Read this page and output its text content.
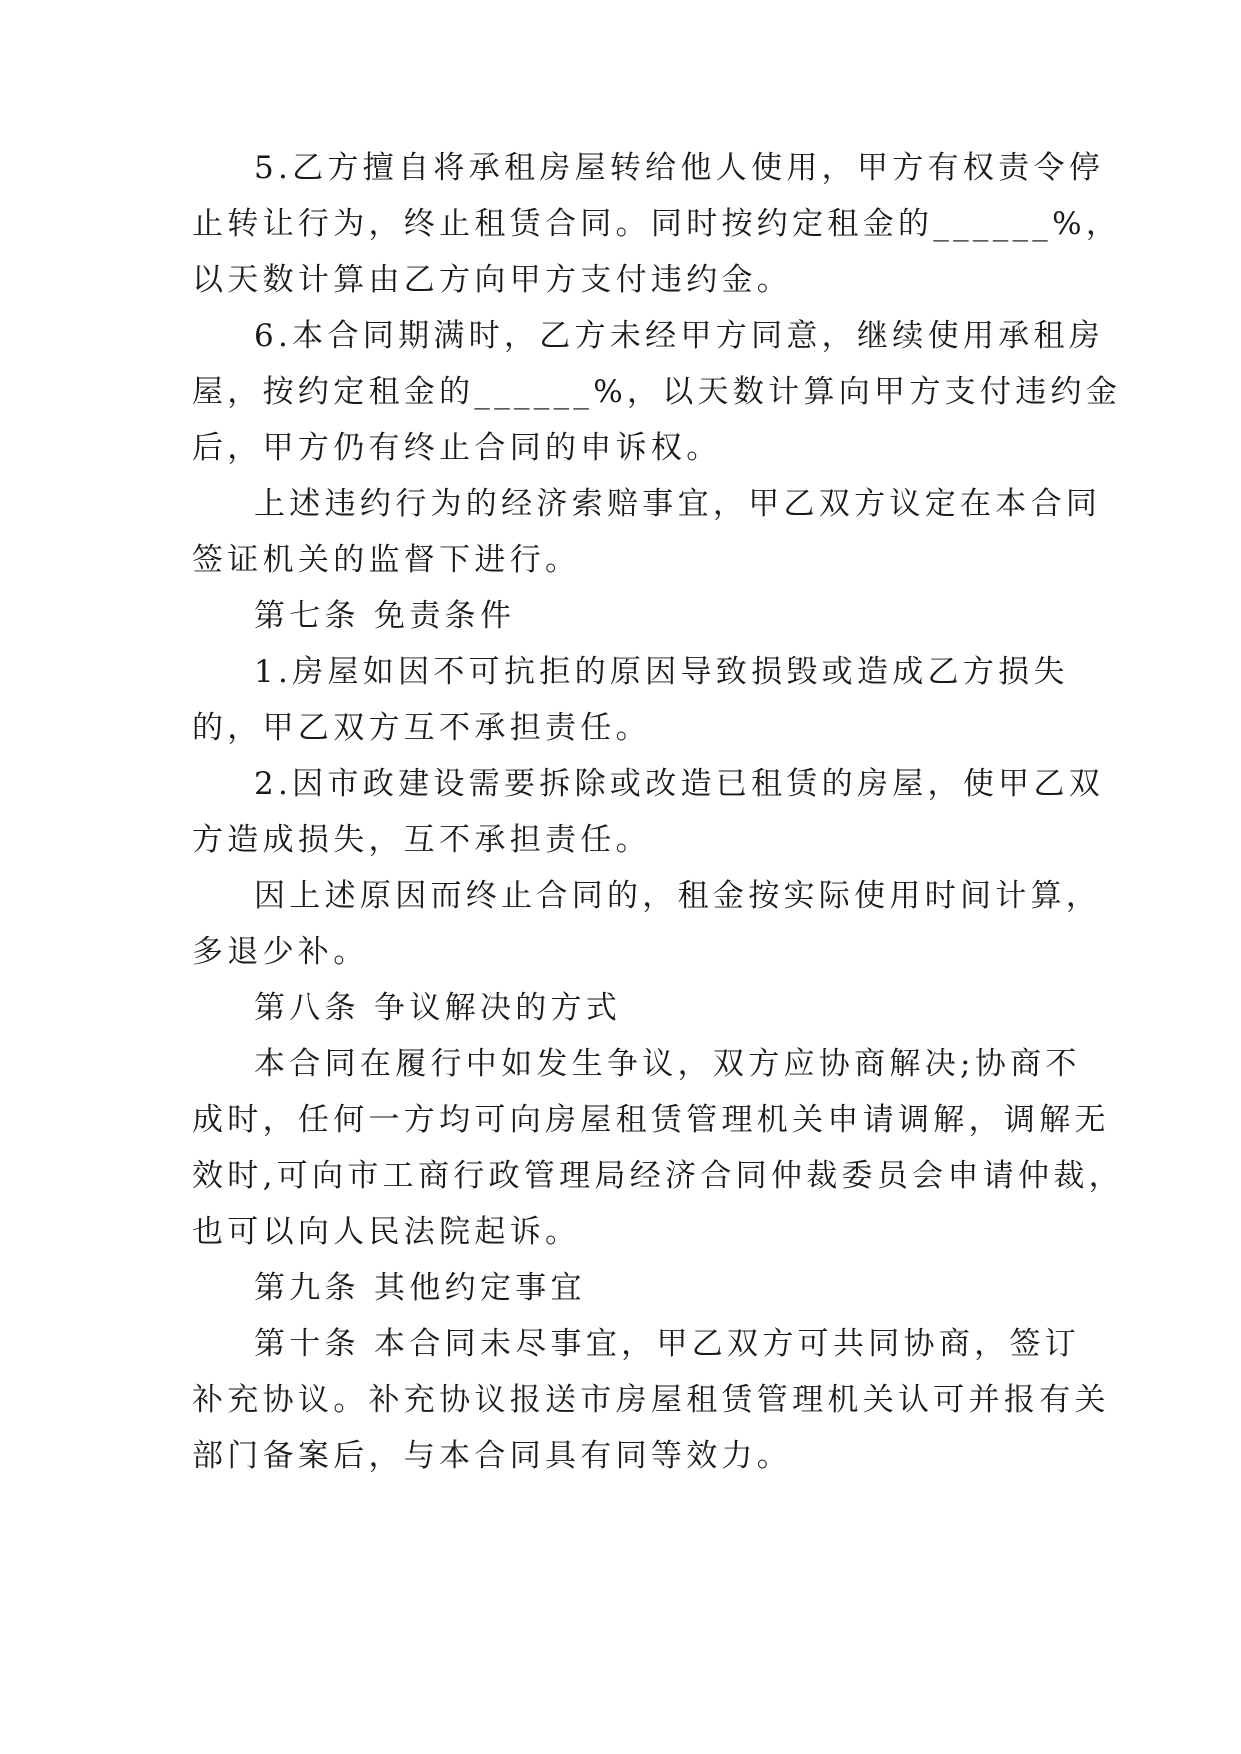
5.乙方擅自将承租房屋转给他人使用，甲方有权责令停
止转让行为，终止租赁合同。同时按约定租金的______%，
以天数计算由乙方向甲方支付违约金。
6.本合同期满时，乙方未经甲方同意，继续使用承租房
屋，按约定租金的______%，以天数计算向甲方支付违约金
后，甲方仍有终止合同的申诉权。
上述违约行为的经济索赔事宜，甲乙双方议定在本合同
签证机关的监督下进行。
第七条 免责条件
1.房屋如因不可抗拒的原因导致损毁或造成乙方损失
的，甲乙双方互不承担责任。
2.因市政建设需要拆除或改造已租赁的房屋，使甲乙双
方造成损失，互不承担责任。
因上述原因而终止合同的，租金按实际使用时间计算，
多退少补。
第八条 争议解决的方式
本合同在履行中如发生争议，双方应协商解决;协商不
成时，任何一方均可向房屋租赁管理机关申请调解，调解无
效时,可向市工商行政管理局经济合同仲裁委员会申请仲裁，
也可以向人民法院起诉。
第九条 其他约定事宜
第十条 本合同未尽事宜，甲乙双方可共同协商，签订
补充协议。补充协议报送市房屋租赁管理机关认可并报有关
部门备案后，与本合同具有同等效力。
